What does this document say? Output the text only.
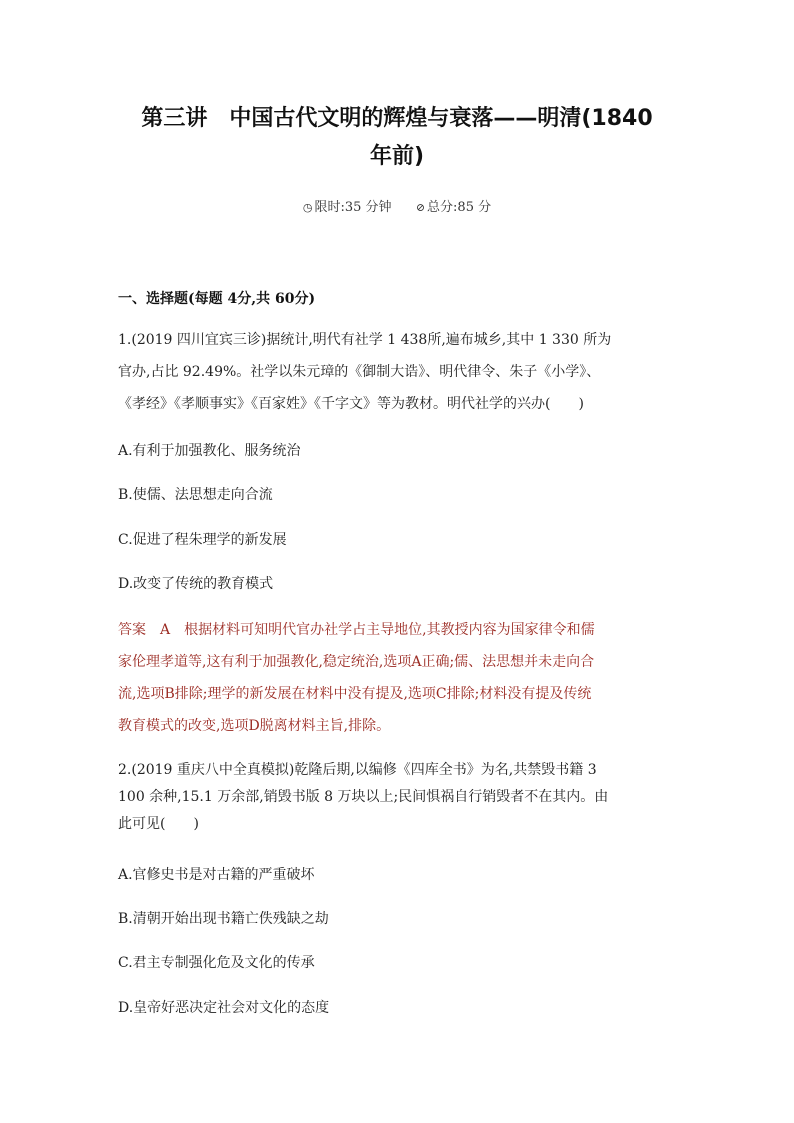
第三讲　中国古代文明的辉煌与衰落——明清(1840
年前)
◷ 限时:35 分钟 ⊘ 总分:85 分
一、选择题(每题 4分,共 60分)
1.(2019 四川宜宾三诊)据统计,明代有社学 1 438所,遍布城乡,其中 1 330 所为
官办,占比 92.49%。社学以朱元璋的《御制大诰》、明代律令、朱子《小学》、
《孝经》《孝顺事实》《百家姓》《千字文》等为教材。明代社学的兴办(　　)
A.有利于加强教化、服务统治
B.使儒、法思想走向合流
C.促进了程朱理学的新发展
D.改变了传统的教育模式
答案 A 根据材料可知明代官办社学占主导地位,其教授内容为国家律令和儒
家伦理孝道等,这有利于加强教化,稳定统治,选项A正确;儒、法思想并未走向合
流,选项B排除;理学的新发展在材料中没有提及,选项C排除;材料没有提及传统
教育模式的改变,选项D脱离材料主旨,排除。
2.(2019 重庆八中全真模拟)乾隆后期,以编修《四库全书》为名,共禁毁书籍 3
100 余种,15.1 万余部,销毁书版 8 万块以上;民间惧祸自行销毁者不在其内。由
此可见(　　)
A.官修史书是对古籍的严重破坏
B.清朝开始出现书籍亡佚残缺之劫
C.君主专制强化危及文化的传承
D.皇帝好恶决定社会对文化的态度
